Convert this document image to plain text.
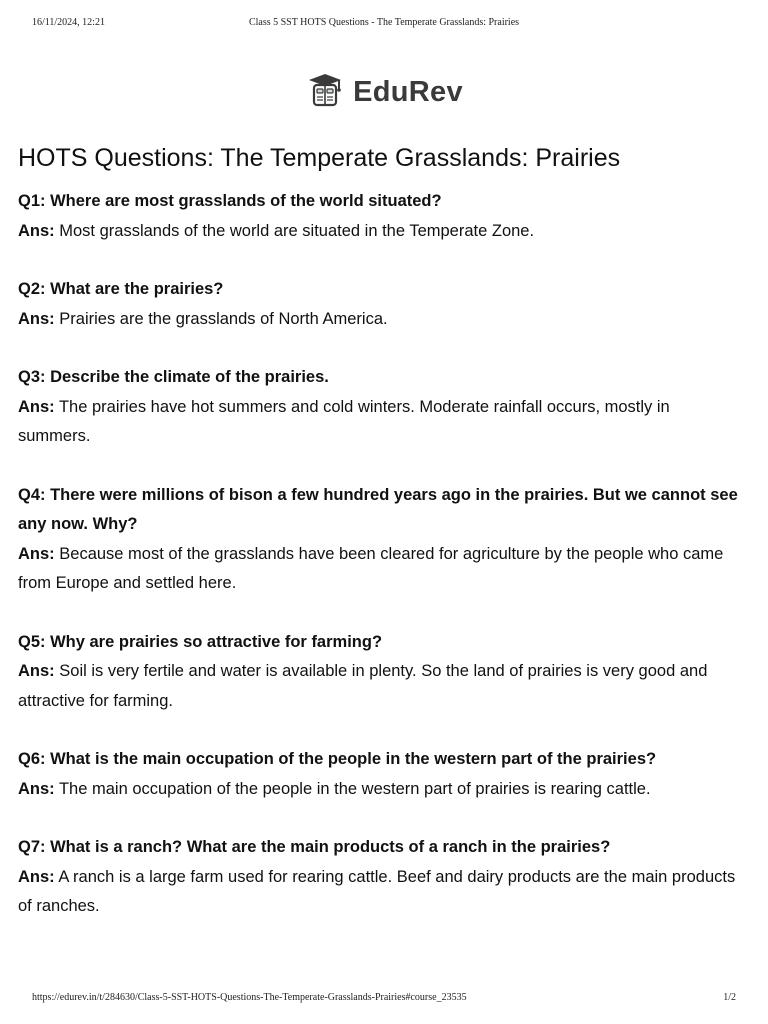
16/11/2024, 12:21	Class 5 SST HOTS Questions - The Temperate Grasslands: Prairies
EduRev
HOTS Questions: The Temperate Grasslands: Prairies

Q1: Where are most grasslands of the world situated?

Ans: Most grasslands of the world are situated in the Temperate Zone.

Q2: What are the prairies?

Ans: Prairies are the grasslands of North America.

Q3: Describe the climate of the prairies.

Ans: The prairies have hot summers and cold winters. Moderate rainfall occurs, mostly in summers.

Q4: There were millions of bison a few hundred years ago in the prairies. But we cannot see any now. Why?

Ans: Because most of the grasslands have been cleared for agriculture by the people who came from Europe and settled here.

Q5: Why are prairies so attractive for farming?

Ans: Soil is very fertile and water is available in plenty. So the land of prairies is very good and attractive for farming.

Q6: What is the main occupation of the people in the western part of the prairies?

Ans: The main occupation of the people in the western part of prairies is rearing cattle.

Q7: What is a ranch? What are the main products of a ranch in the prairies?

Ans: A ranch is a large farm used for rearing cattle. Beef and dairy products are the main products of ranches.

https://edurev.in/t/284630/Class-5-SST-HOTS-Questions-The-Temperate-Grasslands-Prairies#course_23535	1/2
